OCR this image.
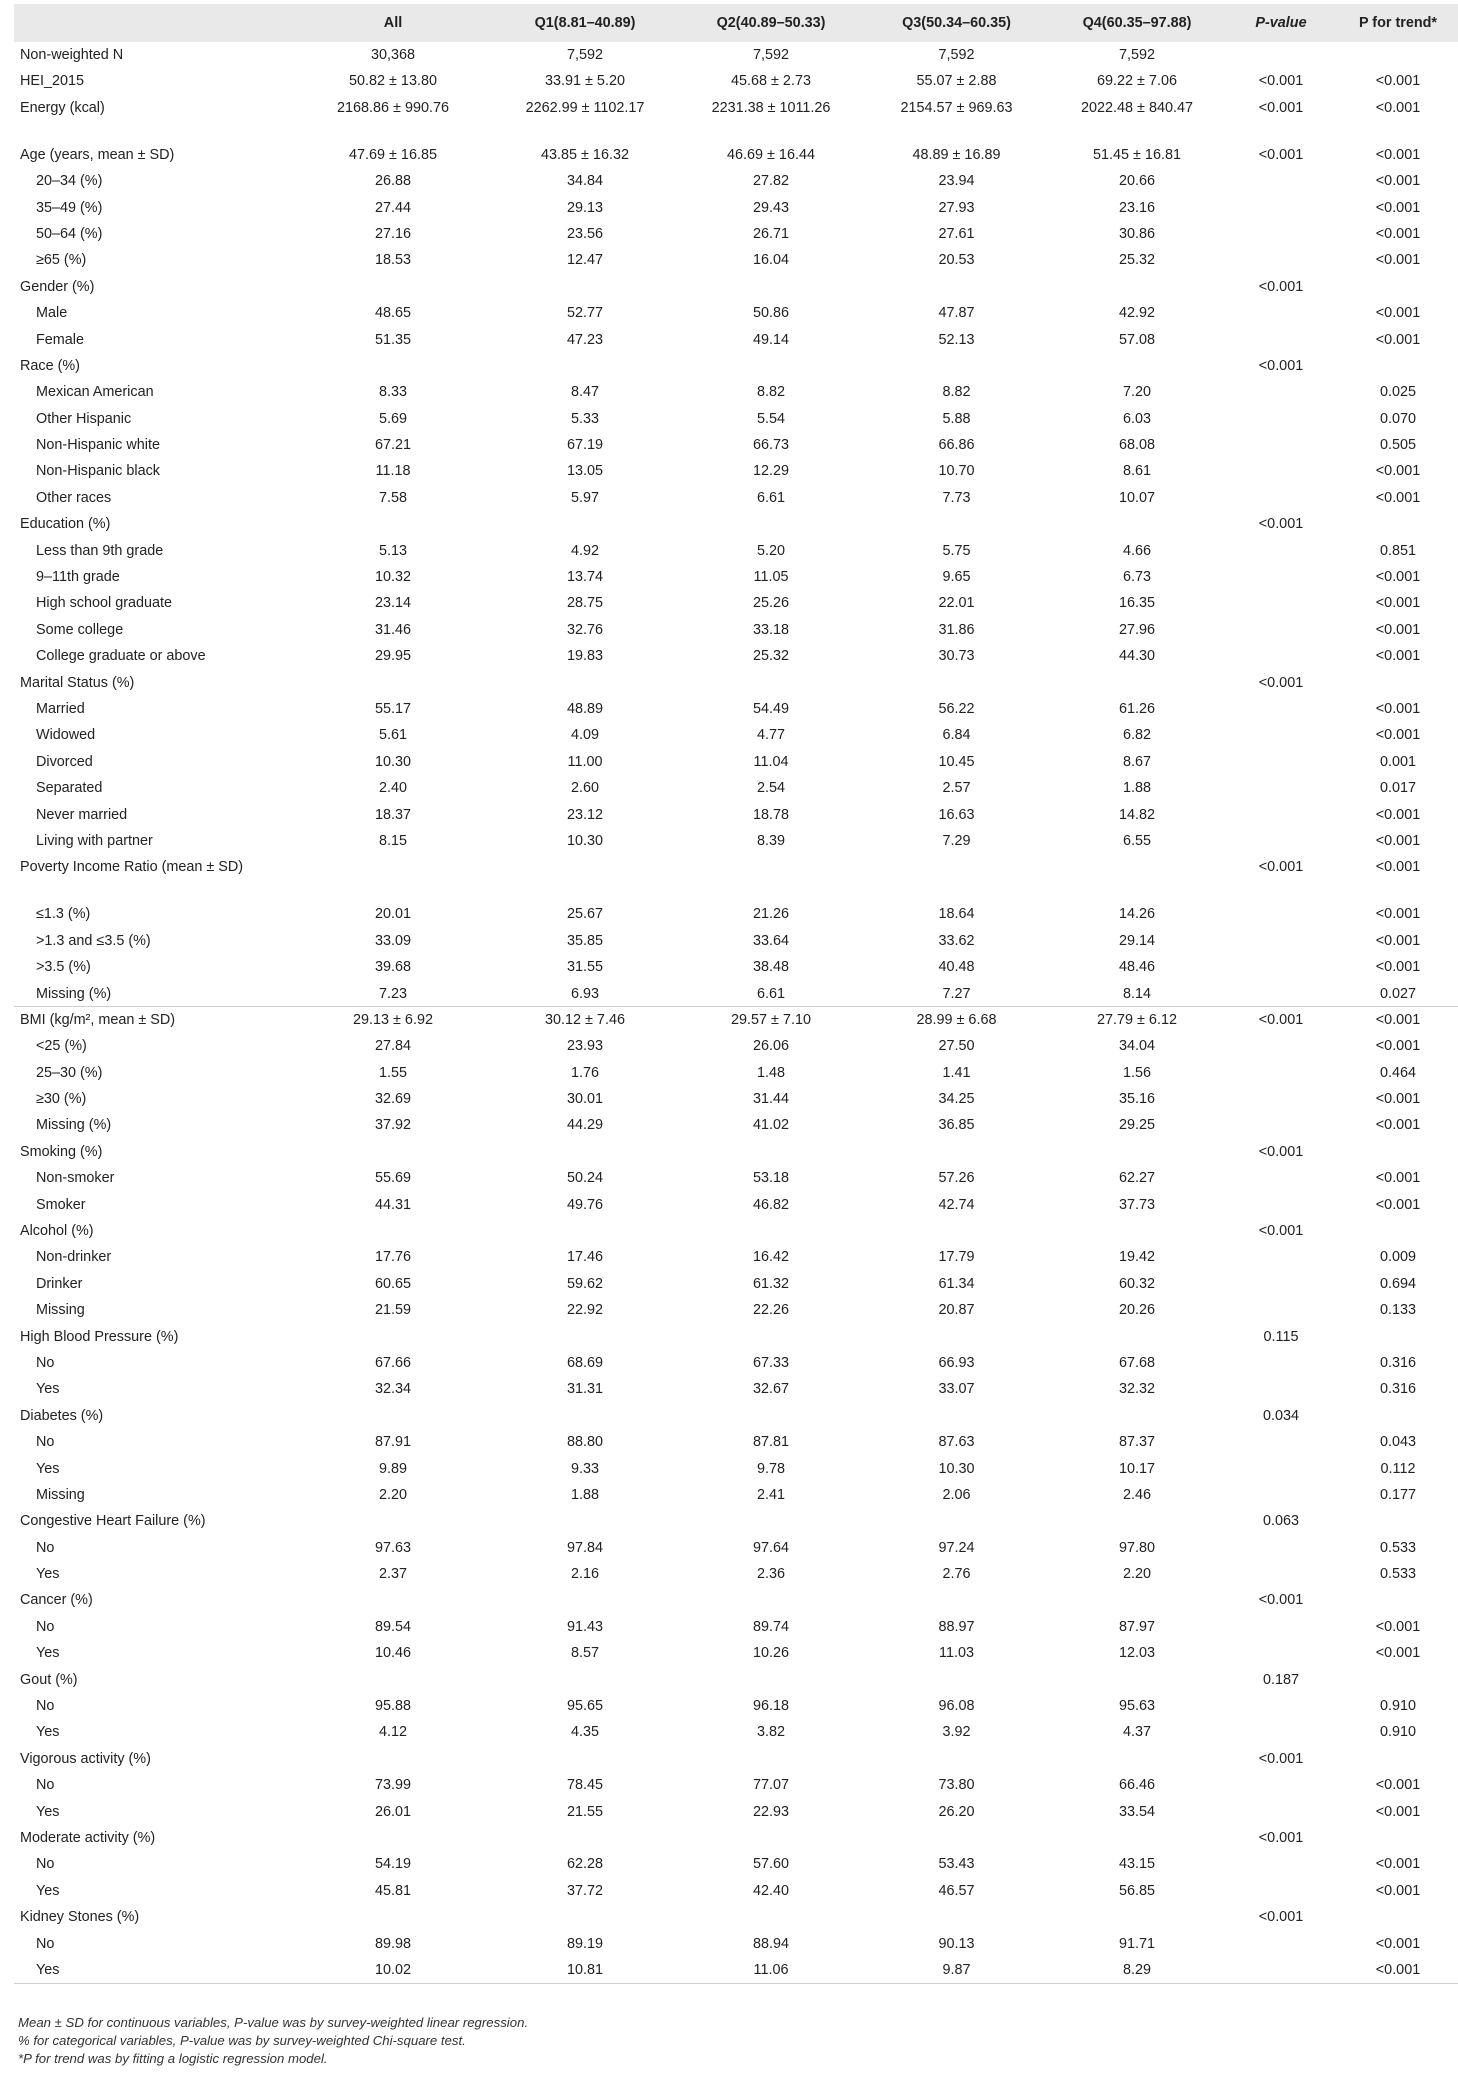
	All	Q1(8.81–40.89)	Q2(40.89–50.33)	Q3(50.34–60.35)	Q4(60.35–97.88)	P-value	P for trend*
Non-weighted N	30,368	7,592	7,592	7,592	7,592		
HEI_2015	50.82 ± 13.80	33.91 ± 5.20	45.68 ± 2.73	55.07 ± 2.88	69.22 ± 7.06	<0.001	<0.001
Energy (kcal)	2168.86 ± 990.76	2262.99 ± 1102.17	2231.38 ± 1011.26	2154.57 ± 969.63	2022.48 ± 840.47	<0.001	<0.001
Age (years, mean ± SD)	47.69 ± 16.85	43.85 ± 16.32	46.69 ± 16.44	48.89 ± 16.89	51.45 ± 16.81	<0.001	<0.001
20–34 (%)	26.88	34.84	27.82	23.94	20.66		<0.001
35–49 (%)	27.44	29.13	29.43	27.93	23.16		<0.001
50–64 (%)	27.16	23.56	26.71	27.61	30.86		<0.001
≥65 (%)	18.53	12.47	16.04	20.53	25.32		<0.001
Gender (%)						<0.001	
Male	48.65	52.77	50.86	47.87	42.92		<0.001
Female	51.35	47.23	49.14	52.13	57.08		<0.001
Race (%)						<0.001	
Mexican American	8.33	8.47	8.82	8.82	7.20		0.025
Other Hispanic	5.69	5.33	5.54	5.88	6.03		0.070
Non-Hispanic white	67.21	67.19	66.73	66.86	68.08		0.505
Non-Hispanic black	11.18	13.05	12.29	10.70	8.61		<0.001
Other races	7.58	5.97	6.61	7.73	10.07		<0.001
Education (%)						<0.001	
Less than 9th grade	5.13	4.92	5.20	5.75	4.66		0.851
9–11th grade	10.32	13.74	11.05	9.65	6.73		<0.001
High school graduate	23.14	28.75	25.26	22.01	16.35		<0.001
Some college	31.46	32.76	33.18	31.86	27.96		<0.001
College graduate or above	29.95	19.83	25.32	30.73	44.30		<0.001
Marital Status (%)						<0.001	
Married	55.17	48.89	54.49	56.22	61.26		<0.001
Widowed	5.61	4.09	4.77	6.84	6.82		<0.001
Divorced	10.30	11.00	11.04	10.45	8.67		0.001
Separated	2.40	2.60	2.54	2.57	1.88		0.017
Never married	18.37	23.12	18.78	16.63	14.82		<0.001
Living with partner	8.15	10.30	8.39	7.29	6.55		<0.001
Poverty Income Ratio (mean ± SD)						<0.001	<0.001
≤1.3 (%)	20.01	25.67	21.26	18.64	14.26		<0.001
>1.3 and ≤3.5 (%)	33.09	35.85	33.64	33.62	29.14		<0.001
>3.5 (%)	39.68	31.55	38.48	40.48	48.46		<0.001
Missing (%)	7.23	6.93	6.61	7.27	8.14		0.027
BMI (kg/m², mean ± SD)	29.13 ± 6.92	30.12 ± 7.46	29.57 ± 7.10	28.99 ± 6.68	27.79 ± 6.12	<0.001	<0.001
<25 (%)	27.84	23.93	26.06	27.50	34.04		<0.001
25–30 (%)	1.55	1.76	1.48	1.41	1.56		0.464
≥30 (%)	32.69	30.01	31.44	34.25	35.16		<0.001
Missing (%)	37.92	44.29	41.02	36.85	29.25		<0.001
Smoking (%)						<0.001	
Non-smoker	55.69	50.24	53.18	57.26	62.27		<0.001
Smoker	44.31	49.76	46.82	42.74	37.73		<0.001
Alcohol (%)						<0.001	
Non-drinker	17.76	17.46	16.42	17.79	19.42		0.009
Drinker	60.65	59.62	61.32	61.34	60.32		0.694
Missing	21.59	22.92	22.26	20.87	20.26		0.133
High Blood Pressure (%)						0.115	
No	67.66	68.69	67.33	66.93	67.68		0.316
Yes	32.34	31.31	32.67	33.07	32.32		0.316
Diabetes (%)						0.034	
No	87.91	88.80	87.81	87.63	87.37		0.043
Yes	9.89	9.33	9.78	10.30	10.17		0.112
Missing	2.20	1.88	2.41	2.06	2.46		0.177
Congestive Heart Failure (%)						0.063	
No	97.63	97.84	97.64	97.24	97.80		0.533
Yes	2.37	2.16	2.36	2.76	2.20		0.533
Cancer (%)						<0.001	
No	89.54	91.43	89.74	88.97	87.97		<0.001
Yes	10.46	8.57	10.26	11.03	12.03		<0.001
Gout (%)						0.187	
No	95.88	95.65	96.18	96.08	95.63		0.910
Yes	4.12	4.35	3.82	3.92	4.37		0.910
Vigorous activity (%)						<0.001	
No	73.99	78.45	77.07	73.80	66.46		<0.001
Yes	26.01	21.55	22.93	26.20	33.54		<0.001
Moderate activity (%)						<0.001	
No	54.19	62.28	57.60	53.43	43.15		<0.001
Yes	45.81	37.72	42.40	46.57	56.85		<0.001
Kidney Stones (%)						<0.001	
No	89.98	89.19	88.94	90.13	91.71		<0.001
Yes	10.02	10.81	11.06	9.87	8.29		<0.001
Mean ± SD for continuous variables, P-value was by survey-weighted linear regression.
% for categorical variables, P-value was by survey-weighted Chi-square test.
*P for trend was by fitting a logistic regression model.
